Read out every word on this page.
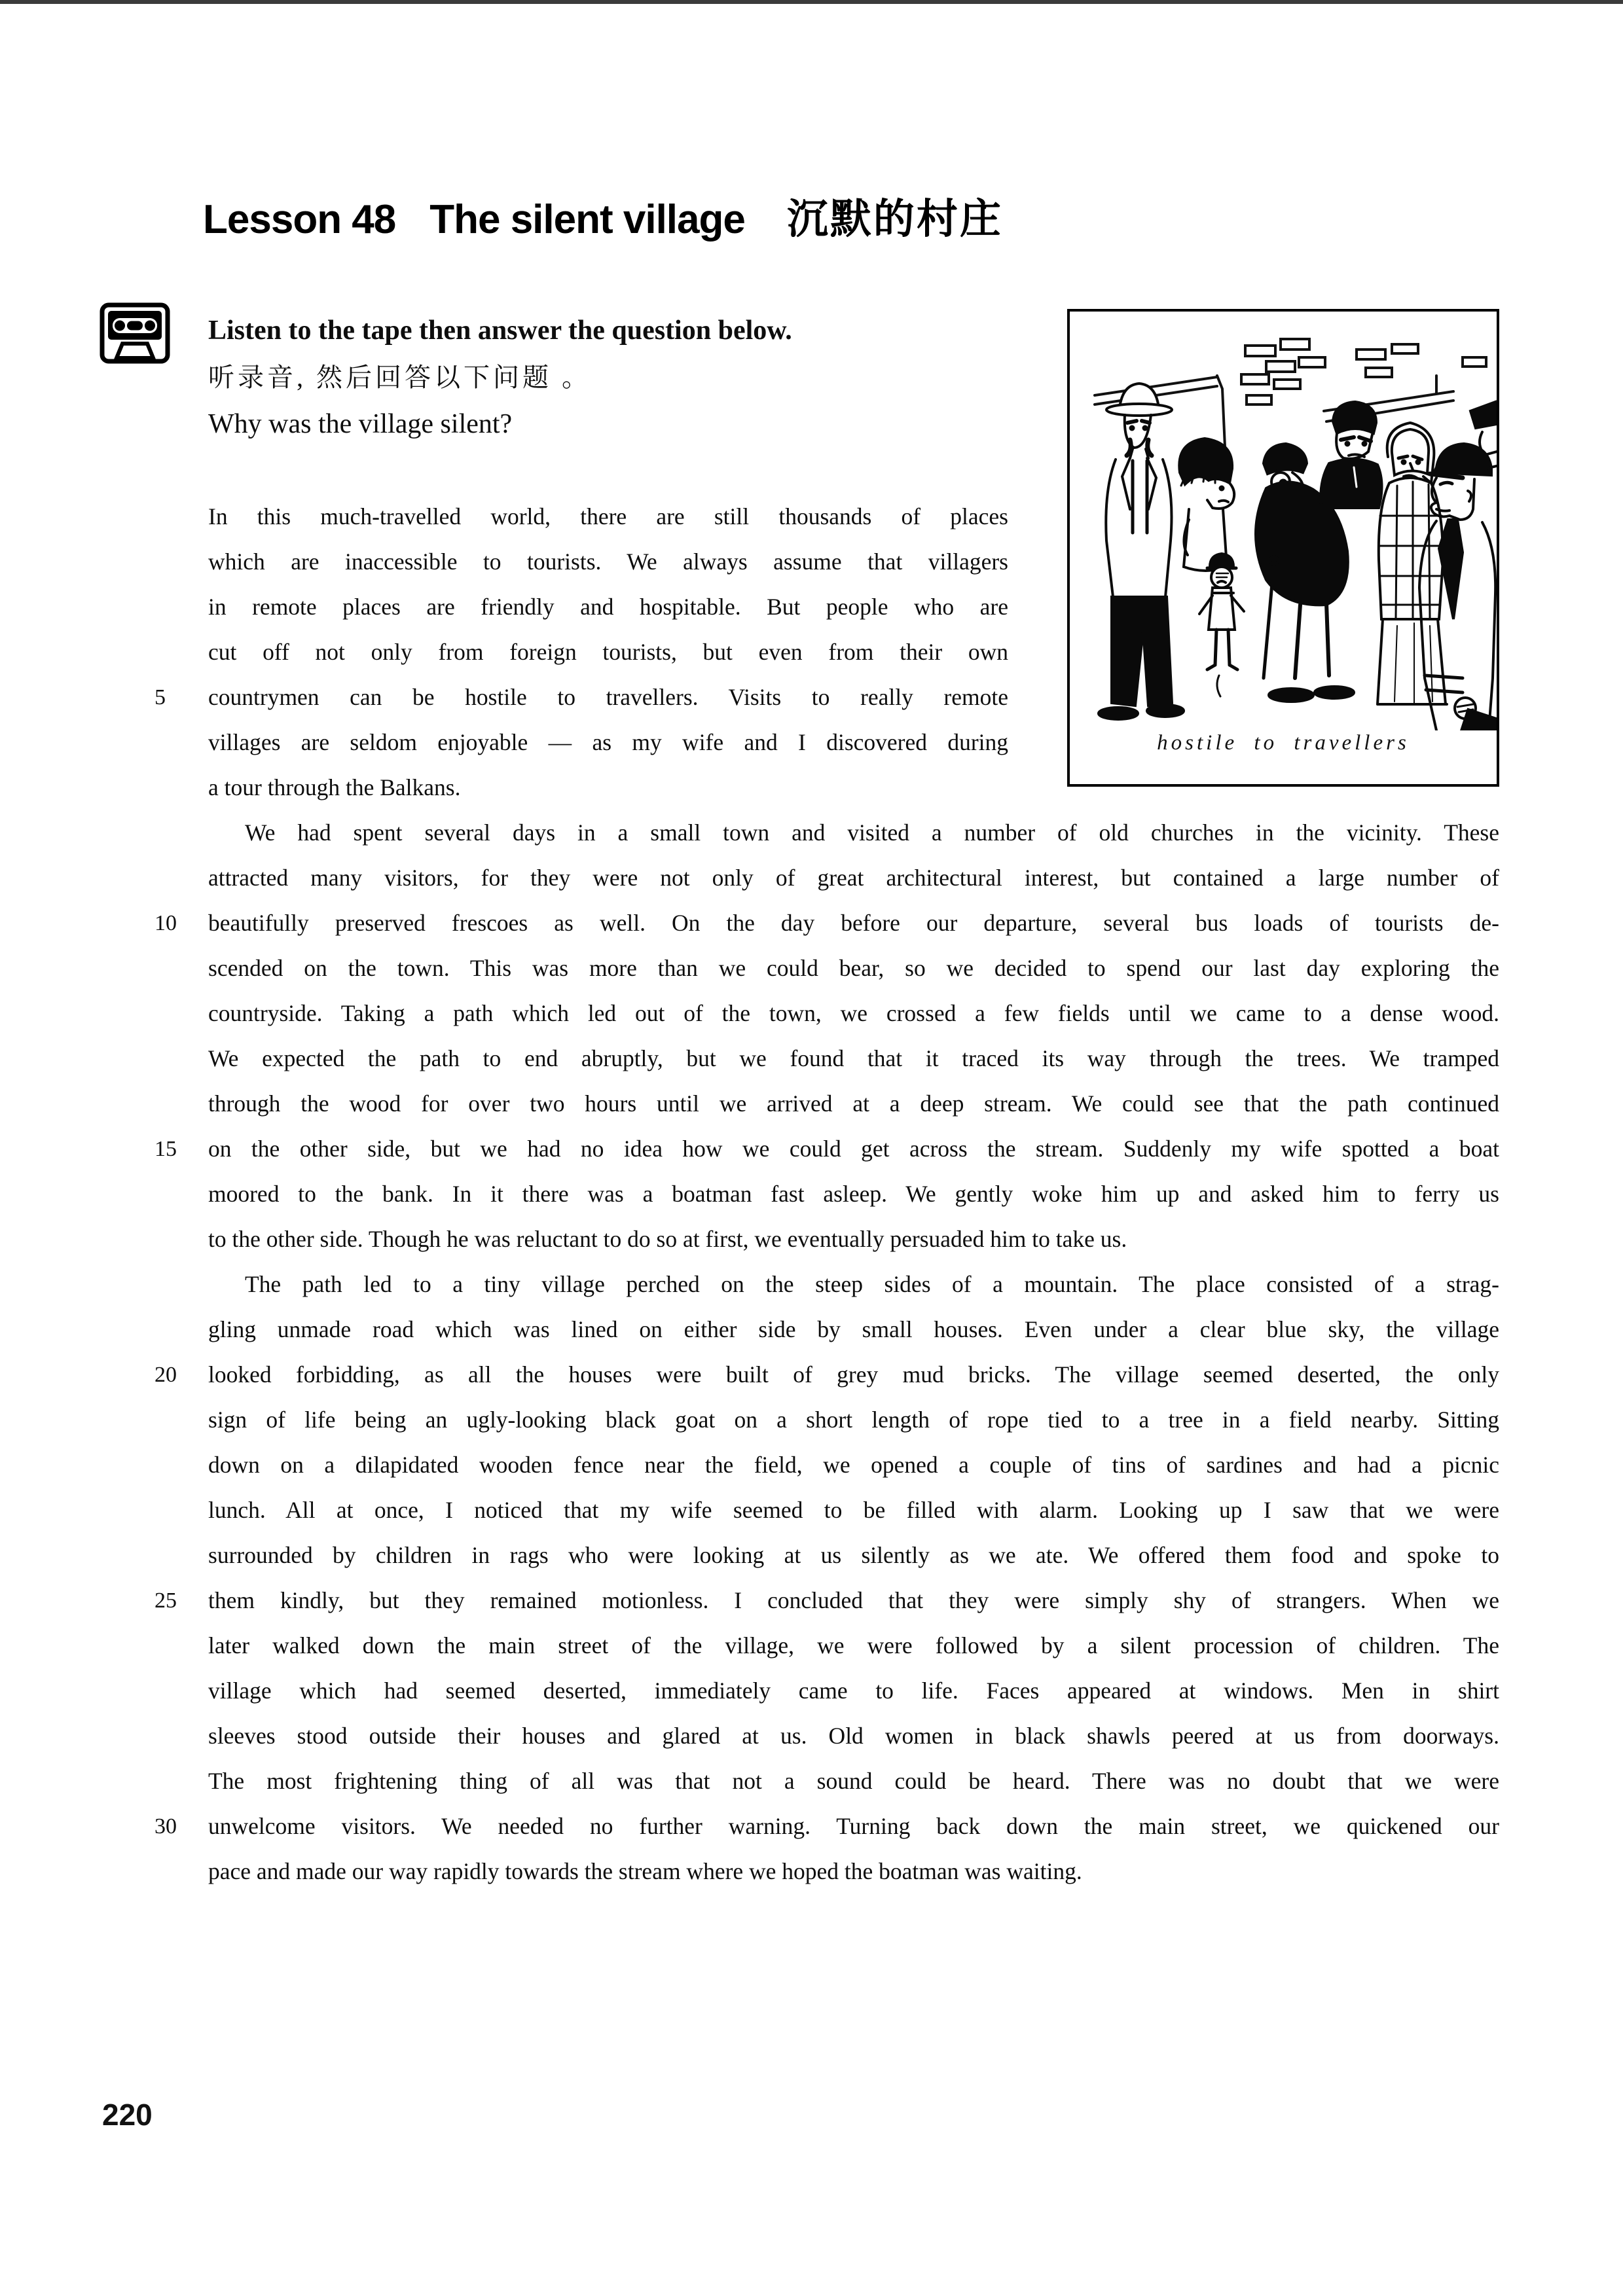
Lesson 48 The silent village 沉默的村庄
Listen to the tape then answer the question below.
听录音, 然后回答以下问题 。
Why was the village silent?
hostile to travellers
In this much-travelled world, there are still thousands of places
which are inaccessible to tourists. We always assume that villagers
in remote places are friendly and hospitable. But people who are
cut off not only from foreign tourists, but even from their own
countrymen can be hostile to travellers. Visits to really remote
villages are seldom enjoyable — as my wife and I discovered during
a tour through the Balkans.
We had spent several days in a small town and visited a number of old churches in the vicinity. These
attracted many visitors, for they were not only of great architectural interest, but contained a large number of
beautifully preserved frescoes as well. On the day before our departure, several bus loads of tourists de-
scended on the town. This was more than we could bear, so we decided to spend our last day exploring the
countryside. Taking a path which led out of the town, we crossed a few fields until we came to a dense wood.
We expected the path to end abruptly, but we found that it traced its way through the trees. We tramped
through the wood for over two hours until we arrived at a deep stream. We could see that the path continued
on the other side, but we had no idea how we could get across the stream. Suddenly my wife spotted a boat
moored to the bank. In it there was a boatman fast asleep. We gently woke him up and asked him to ferry us
to the other side. Though he was reluctant to do so at first, we eventually persuaded him to take us.
The path led to a tiny village perched on the steep sides of a mountain. The place consisted of a strag-
gling unmade road which was lined on either side by small houses. Even under a clear blue sky, the village
looked forbidding, as all the houses were built of grey mud bricks. The village seemed deserted, the only
sign of life being an ugly-looking black goat on a short length of rope tied to a tree in a field nearby. Sitting
down on a dilapidated wooden fence near the field, we opened a couple of tins of sardines and had a picnic
lunch. All at once, I noticed that my wife seemed to be filled with alarm. Looking up I saw that we were
surrounded by children in rags who were looking at us silently as we ate. We offered them food and spoke to
them kindly, but they remained motionless. I concluded that they were simply shy of strangers. When we
later walked down the main street of the village, we were followed by a silent procession of children. The
village which had seemed deserted, immediately came to life. Faces appeared at windows. Men in shirt
sleeves stood outside their houses and glared at us. Old women in black shawls peered at us from doorways.
The most frightening thing of all was that not a sound could be heard. There was no doubt that we were
unwelcome visitors. We needed no further warning. Turning back down the main street, we quickened our
pace and made our way rapidly towards the stream where we hoped the boatman was waiting.
220
5
10
15
20
25
30
